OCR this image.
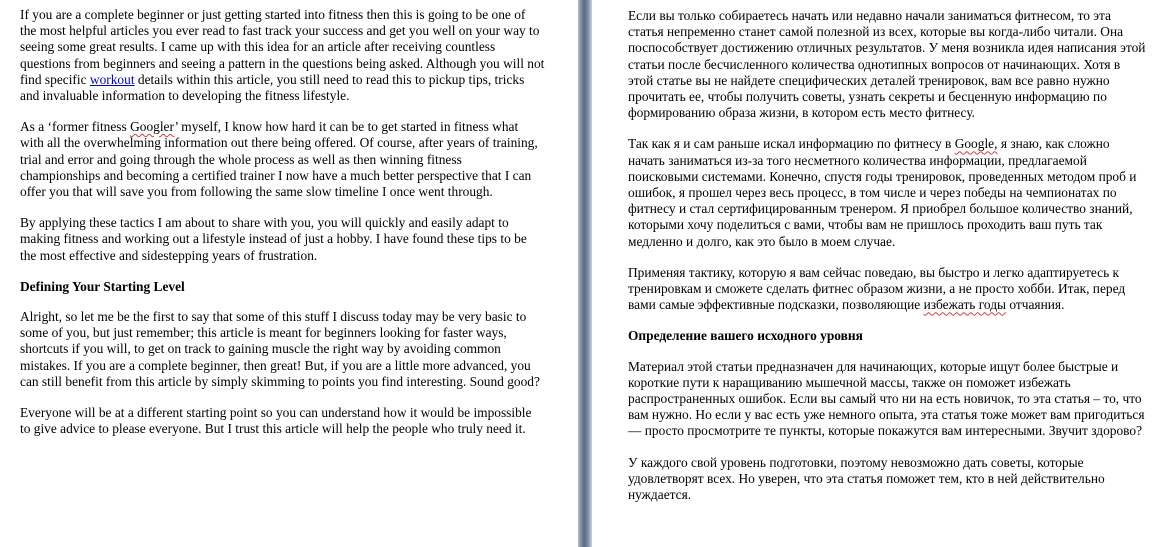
If you are a complete beginner or just getting started into fitness then this is going to be one of the most helpful articles you ever read to fast track your success and get you well on your way to seeing some great results. I came up with this idea for an article after receiving countless questions from beginners and seeing a pattern in the questions being asked. Although you will not find specific workout details within this article, you still need to read this to pickup tips, tricks and invaluable information to developing the fitness lifestyle.

As a ‘former fitness Googler’ myself, I know how hard it can be to get started in fitness what with all the overwhelming information out there being offered. Of course, after years of training, trial and error and going through the whole process as well as then winning fitness championships and becoming a certified trainer I now have a much better perspective that I can offer you that will save you from following the same slow timeline I once went through.

By applying these tactics I am about to share with you, you will quickly and easily adapt to making fitness and working out a lifestyle instead of just a hobby. I have found these tips to be the most effective and sidestepping years of frustration.

Defining Your Starting Level

Alright, so let me be the first to say that some of this stuff I discuss today may be very basic to some of you, but just remember; this article is meant for beginners looking for faster ways, shortcuts if you will, to get on track to gaining muscle the right way by avoiding common mistakes. If you are a complete beginner, then great! But, if you are a little more advanced, you can still benefit from this article by simply skimming to points you find interesting. Sound good?

Everyone will be at a different starting point so you can understand how it would be impossible to give advice to please everyone. But I trust this article will help the people who truly need it.

Если вы только собираетесь начать или недавно начали заниматься фитнесом, то эта статья непременно станет самой полезной из всех, которые вы когда-либо читали. Она поспособствует достижению отличных результатов. У меня возникла идея написания этой статьи после бесчисленного количества однотипных вопросов от начинающих. Хотя в этой статье вы не найдете специфических деталей тренировок, вам все равно нужно прочитать ее, чтобы получить советы, узнать секреты и бесценную информацию по формированию образа жизни, в котором есть место фитнесу.

Так как я и сам раньше искал информацию по фитнесу в Google, я знаю, как сложно начать заниматься из-за того несметного количества информации, предлагаемой поисковыми системами. Конечно, спустя годы тренировок, проведенных методом проб и ошибок, я прошел через весь процесс, в том числе и через победы на чемпионатах по фитнесу и стал сертифицированным тренером. Я приобрел большое количество знаний, которыми хочу поделиться с вами, чтобы вам не пришлось проходить ваш путь так медленно и долго, как это было в моем случае.

Применяя тактику, которую я вам сейчас поведаю, вы быстро и легко адаптируетесь к тренировкам и сможете сделать фитнес образом жизни, а не просто хобби. Итак, перед вами самые эффективные подсказки, позволяющие избежать годы отчаяния.

Определение вашего исходного уровня

Материал этой статьи предназначен для начинающих, которые ищут более быстрые и короткие пути к наращиванию мышечной массы, также он поможет избежать распространенных ошибок. Если вы самый что ни на есть новичок, то эта статья – то, что вам нужно. Но если у вас есть уже немного опыта, эта статья тоже может вам пригодиться — просто просмотрите те пункты, которые покажутся вам интересными. Звучит здорово?

У каждого свой уровень подготовки, поэтому невозможно дать советы, которые удовлетворят всех. Но уверен, что эта статья поможет тем, кто в ней действительно нуждается.
